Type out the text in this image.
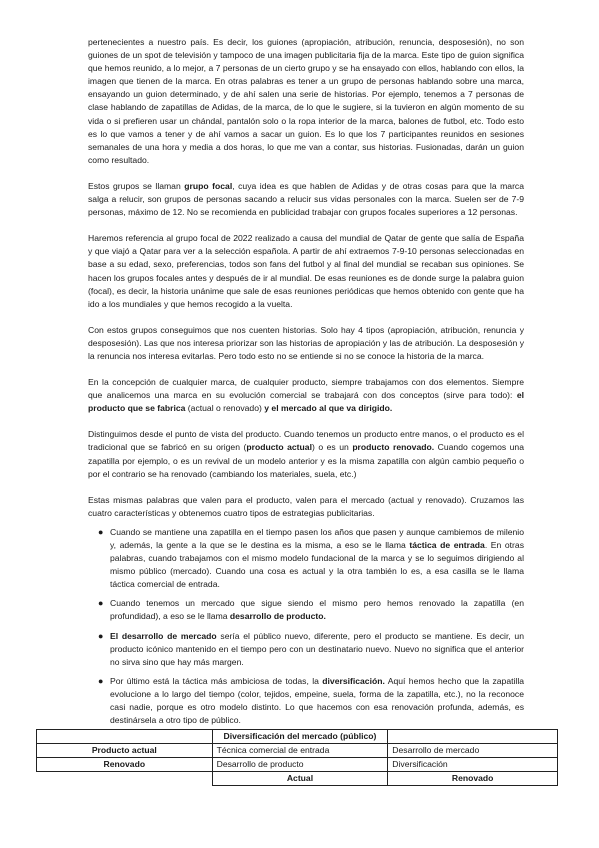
pertenecientes a nuestro país. Es decir, los guiones (apropiación, atribución, renuncia, desposesión), no son guiones de un spot de televisión y tampoco de una imagen publicitaria fija de la marca. Este tipo de guion significa que hemos reunido, a lo mejor, a 7 personas de un cierto grupo y se ha ensayado con ellos, hablando con ellos, la imagen que tienen de la marca. En otras palabras es tener a un grupo de personas hablando sobre una marca, ensayando un guion determinado, y de ahí salen una serie de historias. Por ejemplo, tenemos a 7 personas de clase hablando de zapatillas de Adidas, de la marca, de lo que le sugiere, si la tuvieron en algún momento de su vida o si prefieren usar un chándal, pantalón solo o la ropa interior de la marca, balones de futbol, etc. Todo esto es lo que vamos a tener y de ahí vamos a sacar un guion. Es lo que los 7 participantes reunidos en sesiones semanales de una hora y media a dos horas, lo que me van a contar, sus historias. Fusionadas, darán un guion como resultado.

Estos grupos se llaman grupo focal, cuya idea es que hablen de Adidas y de otras cosas para que la marca salga a relucir, son grupos de personas sacando a relucir sus vidas personales con la marca. Suelen ser de 7-9 personas, máximo de 12. No se recomienda en publicidad trabajar con grupos focales superiores a 12 personas.

Haremos referencia al grupo focal de 2022 realizado a causa del mundial de Qatar de gente que salía de España y que viajó a Qatar para ver a la selección española. A partir de ahí extraemos 7-9-10 personas seleccionadas en base a su edad, sexo, preferencias, todos son fans del futbol y al final del mundial se recaban sus opiniones. Se hacen los grupos focales antes y después de ir al mundial. De esas reuniones es de donde surge la palabra guion (focal), es decir, la historia unánime que sale de esas reuniones periódicas que hemos obtenido con gente que ha ido a los mundiales y que hemos recogido a la vuelta.

Con estos grupos conseguimos que nos cuenten historias. Solo hay 4 tipos (apropiación, atribución, renuncia y desposesión). Las que nos interesa priorizar son las historias de apropiación y las de atribución. La desposesión y la renuncia nos interesa evitarlas. Pero todo esto no se entiende si no se conoce la historia de la marca.

En la concepción de cualquier marca, de cualquier producto, siempre trabajamos con dos elementos. Siempre que analicemos una marca en su evolución comercial se trabajará con dos conceptos (sirve para todo): el producto que se fabrica (actual o renovado) y el mercado al que va dirigido.

Distinguimos desde el punto de vista del producto. Cuando tenemos un producto entre manos, o el producto es el tradicional que se fabricó en su origen (producto actual) o es un producto renovado. Cuando cogemos una zapatilla por ejemplo, o es un revival de un modelo anterior y es la misma zapatilla con algún cambio pequeño o por el contrario se ha renovado (cambiando los materiales, suela, etc.)

Estas mismas palabras que valen para el producto, valen para el mercado (actual y renovado). Cruzamos las cuatro características y obtenemos cuatro tipos de estrategias publicitarias.

● Cuando se mantiene una zapatilla en el tiempo pasen los años que pasen y aunque cambiemos de milenio y, además, la gente a la que se le destina es la misma, a eso se le llama táctica de entrada. En otras palabras, cuando trabajamos con el mismo modelo fundacional de la marca y se lo seguimos dirigiendo al mismo público (mercado). Cuando una cosa es actual y la otra también lo es, a esa casilla se le llama táctica comercial de entrada.
● Cuando tenemos un mercado que sigue siendo el mismo pero hemos renovado la zapatilla (en profundidad), a eso se le llama desarrollo de producto.
● El desarrollo de mercado sería el público nuevo, diferente, pero el producto se mantiene. Es decir, un producto icónico mantenido en el tiempo pero con un destinatario nuevo. Nuevo no significa que el anterior no sirva sino que hay más margen.
● Por último está la táctica más ambiciosa de todas, la diversificación. Aquí hemos hecho que la zapatilla evolucione a lo largo del tiempo (color, tejidos, empeine, suela, forma de la zapatilla, etc.), no la reconoce casi nadie, porque es otro modelo distinto. Lo que hacemos con esa renovación profunda, además, es destinársela a otro tipo de público.
	Diversificación del mercado (público)	
Producto actual	Técnica comercial de entrada	Desarrollo de mercado
Renovado	Desarrollo de producto	Diversificación
	Actual	Renovado
